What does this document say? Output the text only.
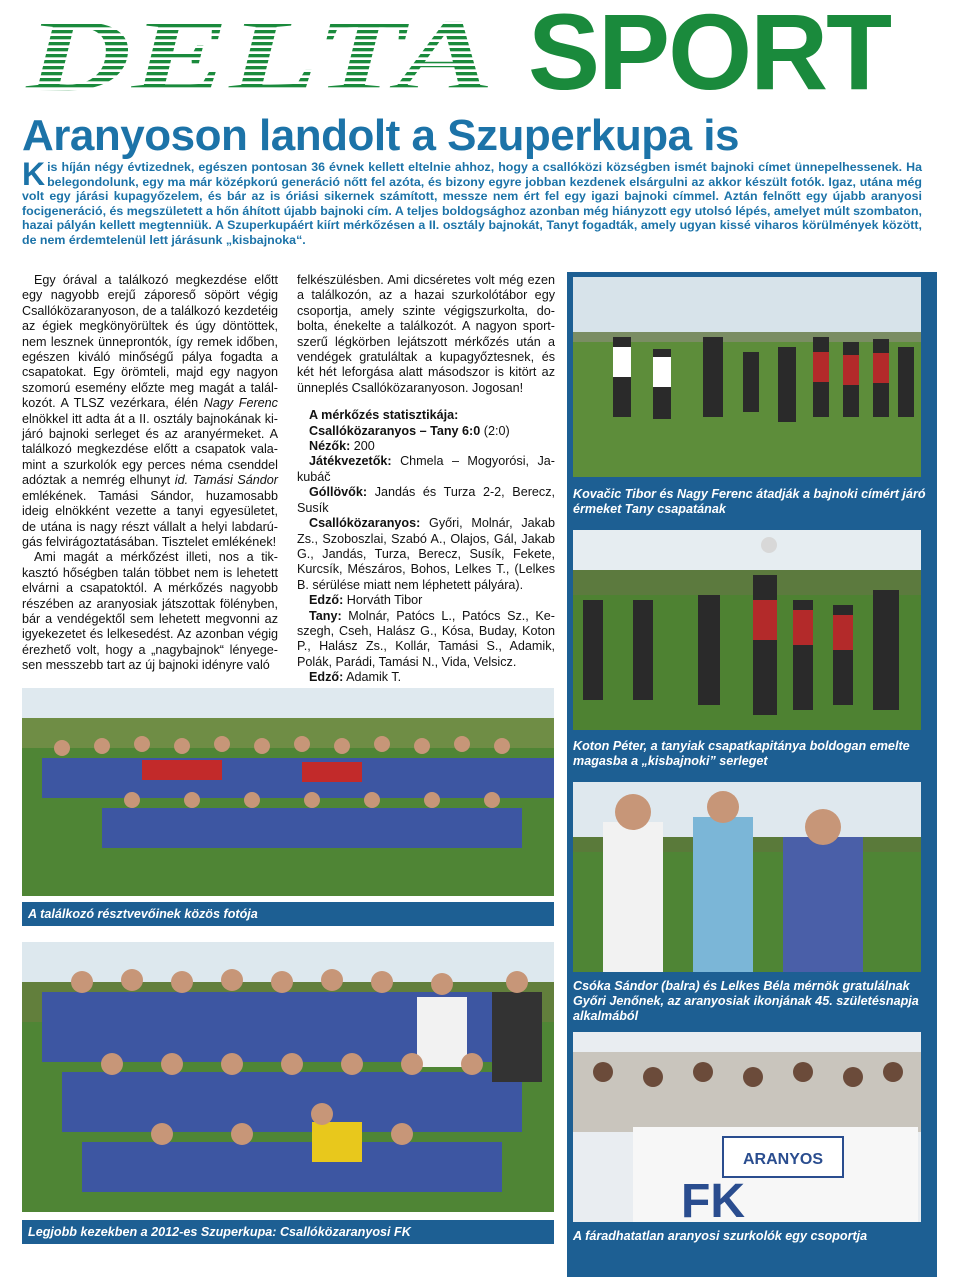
DELTA SPORT
Aranyoson landolt a Szuperkupa is
K is híján négy évtizednek, egészen pontosan 36 évnek kellett eltelnie ahhoz, hogy a csallóközi községben ismét bajnoki címet ünnepelhessenek. Ha belegondolunk, egy ma már középkorú generáció nőtt fel azóta, és bizony egyre jobban kezdenek elsárgulni az akkor készült fotók. Igaz, utána még volt egy járási kupagyőzelem, és bár az is óriási sikernek számított, messze nem ért fel egy igazi bajnoki címmel. Aztán felnőtt egy újabb aranyosi focigeneráció, és megszületett a hőn áhított újabb bajnoki cím. A teljes boldogsághoz azonban még hiányzott egy utolsó lépés, amelyet múlt szombaton, hazai pályán kellett megtenniük. A Szuperkupáért kiírt mérkőzésen a II. osztály bajnokát, Tanyt fogadták, amely ugyan kissé viharos körülmények között, de nem érdemtelenül lett járásunk „kisbajnoka“.

Egy órával a találkozó megkezdése előtt egy nagyobb erejű záporeső söpört végig Csallóközaranyoson, de a találkozó kezdetéig az égiek megkönyörültek és úgy döntöttek, nem lesznek ünneprontók, így remek időben, egészen kiváló minőségű pálya fogadta a csapatokat. Egy örömteli, majd egy nagyon szomorú esemény előzte meg magát a találkozót. A TLSZ vezérkara, élén Nagy Ferenc elnökkel itt adta át a II. osztály bajnokának kijáró bajnoki serleget és az aranyérmeket. A találkozó megkezdése előtt a csapatok valamint a szurkolók egy perces néma csenddel adóztak a nemrég elhunyt id. Tamási Sándor emlékének. Tamási Sándor, huzamosabb ideig elnökként vezette a tanyi egyesületet, de utána is nagy részt vállalt a helyi labdarúgás felvirágoztatásában. Tisztelet emlékének!

Ami magát a mérkőzést illeti, nos a tikkasztó hőségben talán többet nem is lehetett elvárni a csapatoktól. A mérkőzés nagyobb részében az aranyosiak játszottak fölényben, bár a vendégektől sem lehetett megvonni az igyekezetet és lelkesedést. Az azonban végig érezhető volt, hogy a „nagybajnok“ lényegesen messzebb tart az új bajnoki idényre való

felkészülésben. Ami dicséretes volt még ezen a találkozón, az a hazai szurkolótábor egy csoportja, amely szinte végigszurkolta, dobolta, énekelte a találkozót. A nagyon sportszerű légkörben lejátszott mérkőzés után a vendégek gratuláltak a kupagyőztesnek, és két hét leforgása alatt másodszor is kitört az ünneplés Csallóközaranyoson. Jogosan!

A mérkőzés statisztikája:

Csallóközaranyos – Tany 6:0 (2:0)

Nézők: 200

Játékvezetők: Chmela – Mogyorósi, Jakubáč

Góllövők: Jandás és Turza 2-2, Berecz, Susík

Csallóközaranyos: Győri, Molnár, Jakab Zs., Szoboszlai, Szabó A., Olajos, Gál, Jakab G., Jandás, Turza, Berecz, Susík, Fekete, Kurcsík, Mészáros, Bohos, Lelkes T., (Lelkes B. sérülése miatt nem léphetett pályára).

Edző: Horváth Tibor

Tany: Molnár, Patócs L., Patócs Sz., Keszegh, Cseh, Halász G., Kósa, Buday, Koton P., Halász Zs., Kollár, Tamási S., Adamik, Polák, Parádi, Tamási N., Vida, Velsicz.

Edző: Adamik T.

Kovačic Tibor és Nagy Ferenc átadják a bajnoki címért járó érmeket Tany csapatának
Koton Péter, a tanyiak csapatkapitánya boldogan emelte magasba a „kisbajnoki” serleget
Csóka Sándor (balra) és Lelkes Béla mérnök gratulálnak Győri Jenőnek, az aranyosiak ikonjának 45. születésnapja alkalmából
ARANYOS
FK
A fáradhatatlan aranyosi szurkolók egy csoportja
A találkozó résztvevőinek közös fotója
Legjobb kezekben a 2012-es Szuperkupa: Csallóközaranyosi FK
